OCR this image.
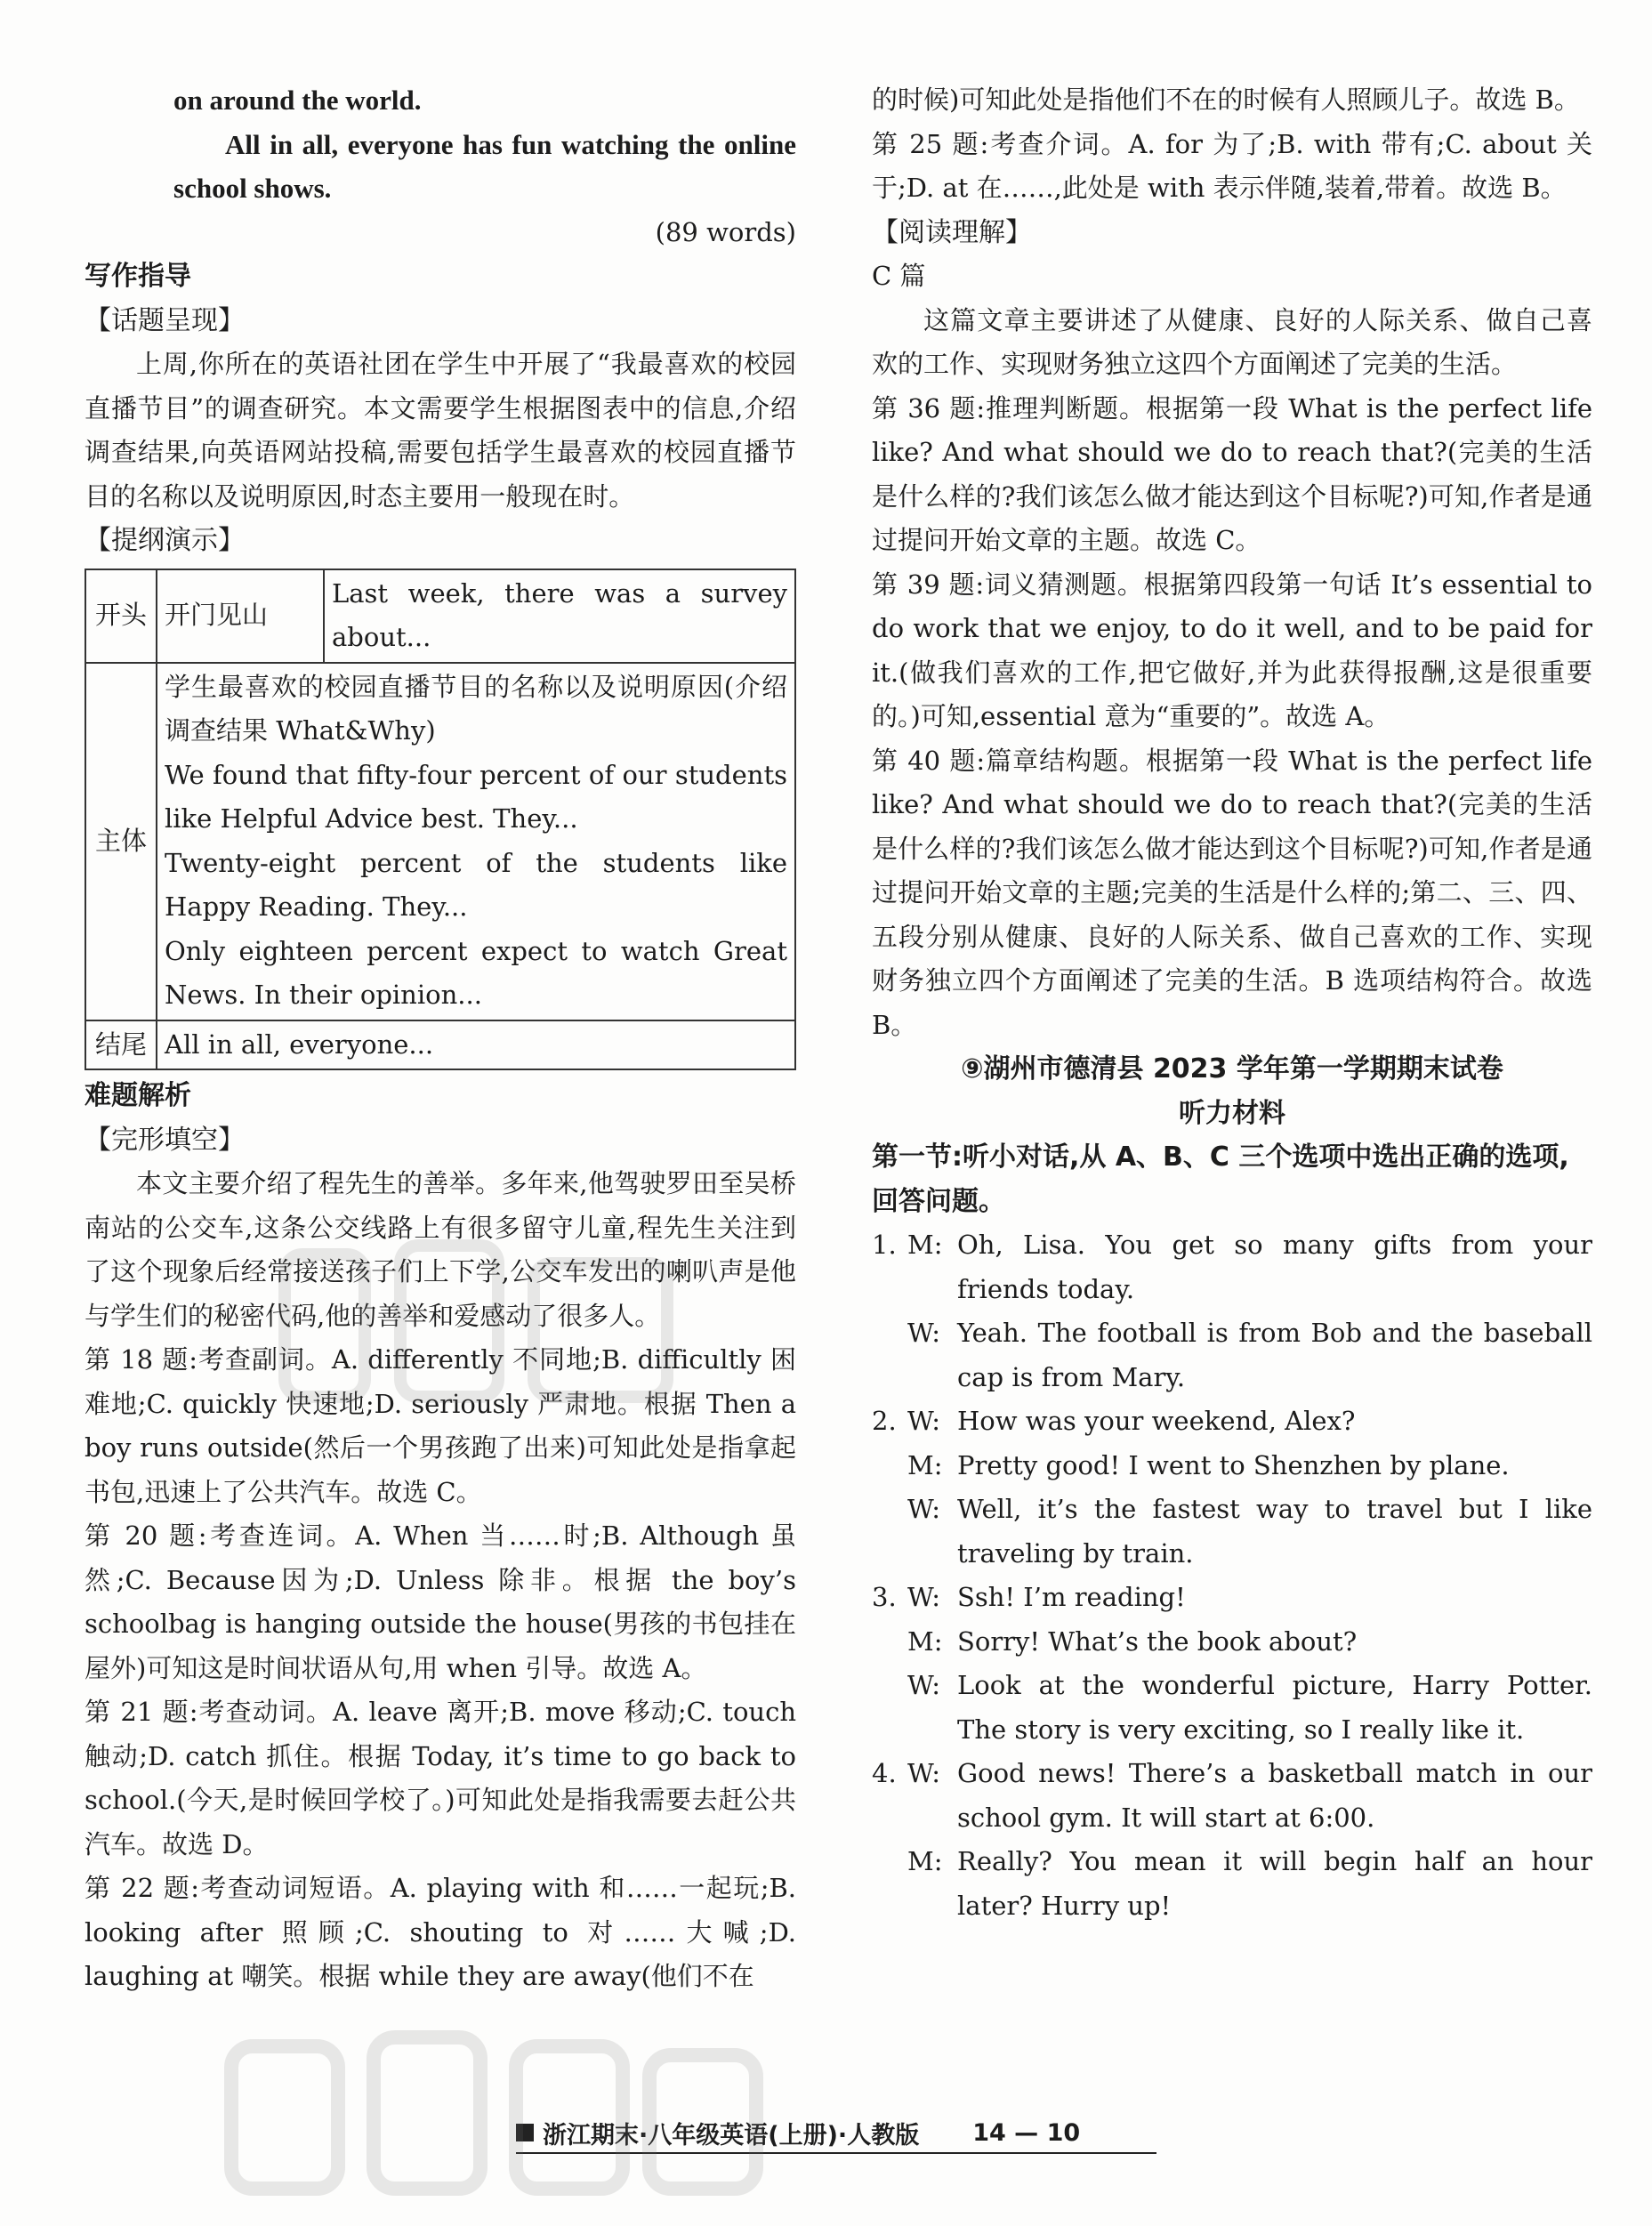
on around the world.

All in all, everyone has fun watching the online school shows.

(89 words)

写作指导

【话题呈现】

上周,你所在的英语社团在学生中开展了“我最喜欢的校园直播节目”的调查研究。本文需要学生根据图表中的信息,介绍调查结果,向英语网站投稿,需要包括学生最喜欢的校园直播节目的名称以及说明原因,时态主要用一般现在时。

【提纲演示】

开头	开门见山	Last week, there was a survey about...
主体	学生最喜欢的校园直播节目的名称以及说明原因(介绍调查结果 What&Why)
We found that fifty-four percent of our students like Helpful Advice best. They...
Twenty-eight percent of the students like Happy Reading. They...
Only eighteen percent expect to watch Great News. In their opinion...	

结尾	All in all, everyone...	

难题解析

【完形填空】

本文主要介绍了程先生的善举。多年来,他驾驶罗田至吴桥南站的公交车,这条公交线路上有很多留守儿童,程先生关注到了这个现象后经常接送孩子们上下学,公交车发出的喇叭声是他与学生们的秘密代码,他的善举和爱感动了很多人。

第 18 题:考查副词。A. differently 不同地;B. difficultly 困难地;C. quickly 快速地;D. seriously 严肃地。根据 Then a boy runs outside(然后一个男孩跑了出来)可知此处是指拿起书包,迅速上了公共汽车。故选 C。

第 20 题:考查连词。A. When 当……时;B. Although 虽然;C. Because因为;D. Unless 除非。根据 the boy’s schoolbag is hanging outside the house(男孩的书包挂在屋外)可知这是时间状语从句,用 when 引导。故选 A。

第 21 题:考查动词。A. leave 离开;B. move 移动;C. touch 触动;D. catch 抓住。根据 Today, it’s time to go back to school.(今天,是时候回学校了。)可知此处是指我需要去赶公共汽车。故选 D。

第 22 题:考查动词短语。A. playing with 和……一起玩;B. looking after 照顾;C. shouting to 对……大喊;D. laughing at 嘲笑。根据 while they are away(他们不在

的时候)可知此处是指他们不在的时候有人照顾儿子。故选 B。

第 25 题:考查介词。A. for 为了;B. with 带有;C. about 关于;D. at 在……,此处是 with 表示伴随,装着,带着。故选 B。

【阅读理解】

C 篇

这篇文章主要讲述了从健康、良好的人际关系、做自己喜欢的工作、实现财务独立这四个方面阐述了完美的生活。

第 36 题:推理判断题。根据第一段 What is the perfect life like? And what should we do to reach that?(完美的生活是什么样的?我们该怎么做才能达到这个目标呢?)可知,作者是通过提问开始文章的主题。故选 C。

第 39 题:词义猜测题。根据第四段第一句话 It’s essential to do work that we enjoy, to do it well, and to be paid for it.(做我们喜欢的工作,把它做好,并为此获得报酬,这是很重要的。)可知,essential 意为“重要的”。故选 A。

第 40 题:篇章结构题。根据第一段 What is the perfect life like? And what should we do to reach that?(完美的生活是什么样的?我们该怎么做才能达到这个目标呢?)可知,作者是通过提问开始文章的主题;完美的生活是什么样的;第二、三、四、五段分别从健康、良好的人际关系、做自己喜欢的工作、实现财务独立四个方面阐述了完美的生活。B 选项结构符合。故选 B。

⑨湖州市德清县 2023 学年第一学期期末试卷

听力材料

第一节:听小对话,从 A、B、C 三个选项中选出正确的选项,回答问题。

1. M: Oh, Lisa. You get so many gifts from your friends today.
W: Yeah. The football is from Bob and the baseball cap is from Mary.
2. W: How was your weekend, Alex?
M: Pretty good! I went to Shenzhen by plane.
W: Well, it’s the fastest way to travel but I like traveling by train.
3. W: Ssh! I’m reading!
M: Sorry! What’s the book about?
W: Look at the wonderful picture, Harry Potter. The story is very exciting, so I really like it.
4. W: Good news! There’s a basketball match in our school gym. It will start at 6:00.
M: Really? You mean it will begin half an hour later? Hurry up!
浙江期末·八年级英语(上册)·人教版 14 — 10
